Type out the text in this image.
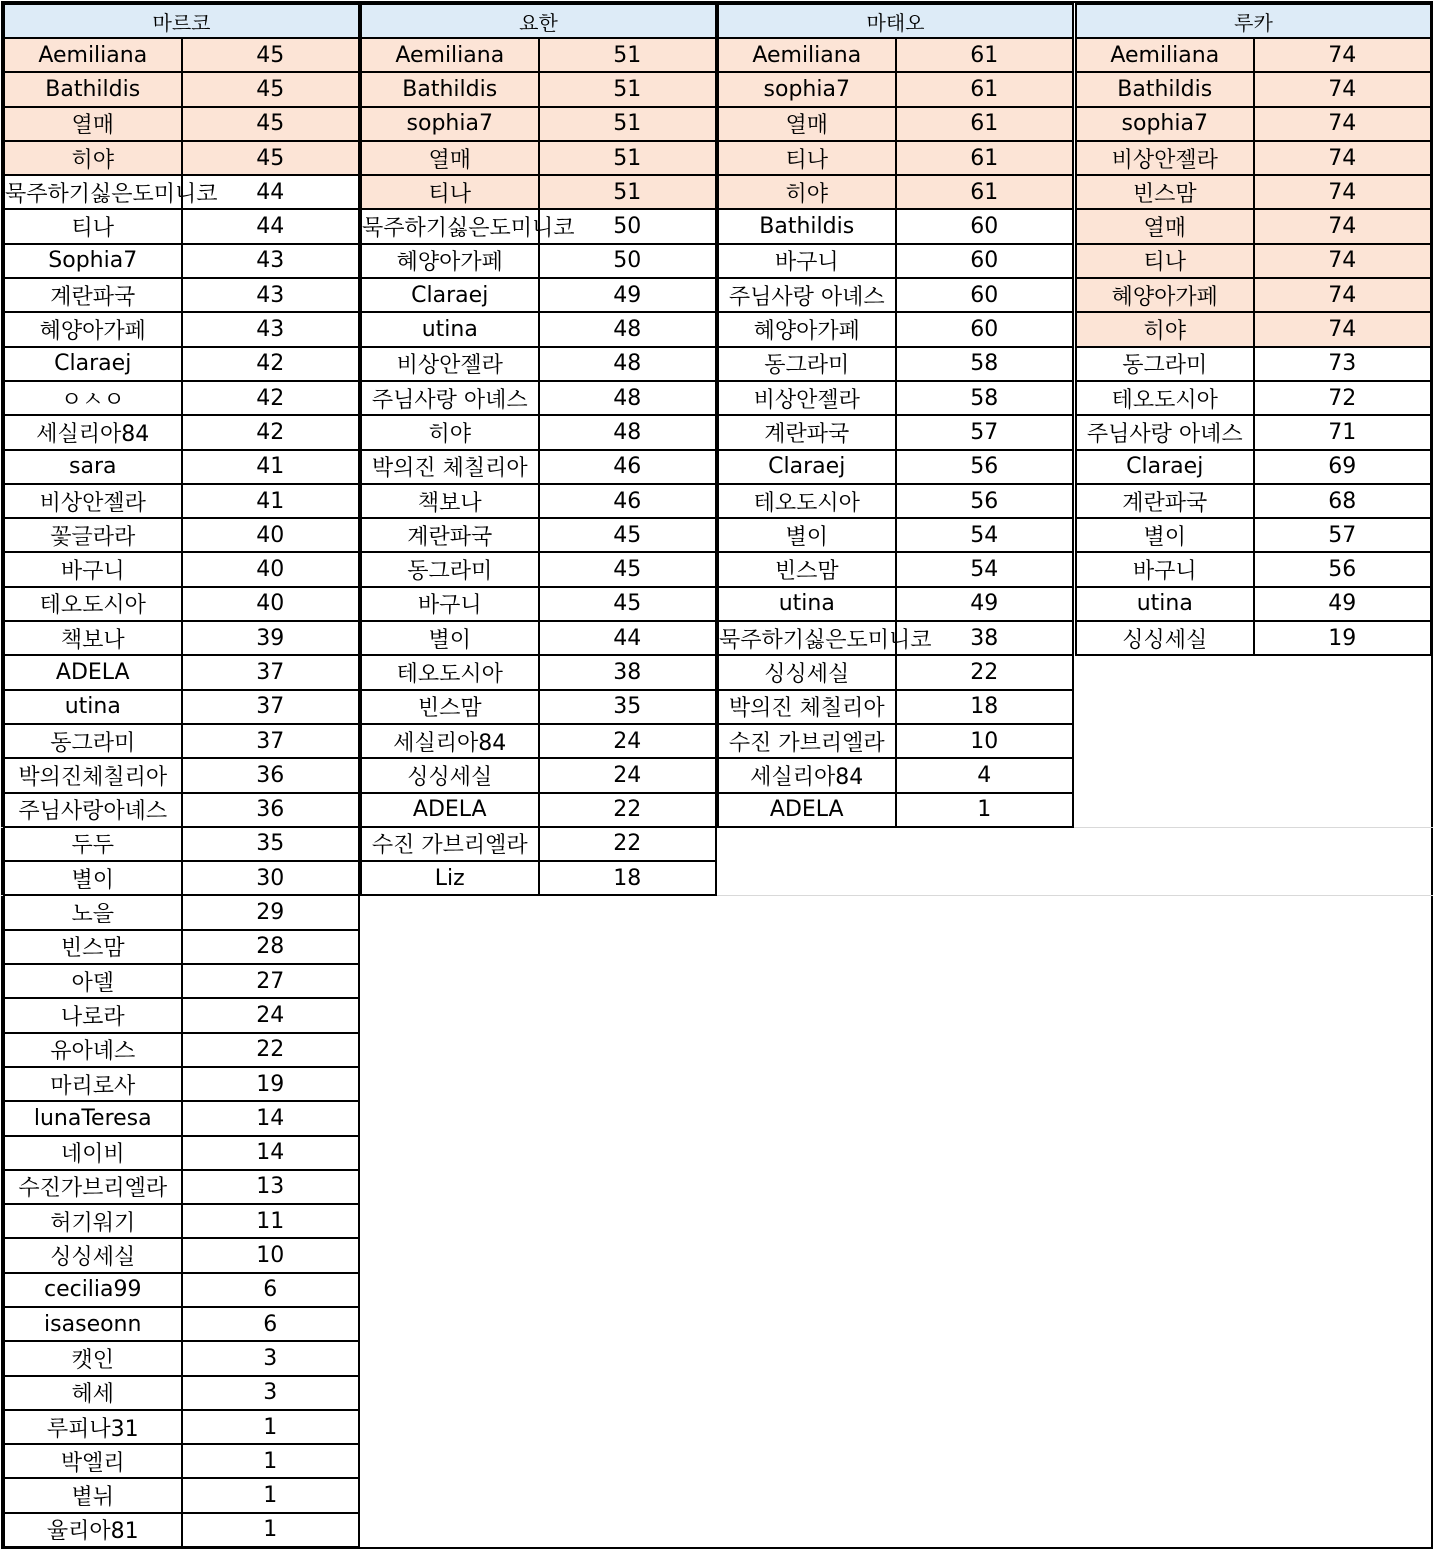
마르코	
Aemiliana	45
Bathildis	45
열매	45
히야	45
묵주하기싫은도미니코	44
티나	44
Sophia7	43
계란파국	43
혜양아가페	43
Claraej	42
ㅇㅅㅇ	42
세실리아84	42
sara	41
비상안젤라	41
꽃글라라	40
바구니	40
테오도시아	40
책보나	39
ADELA	37
utina	37
동그라미	37
박의진체칠리아	36
주님사랑아녜스	36
두두	35
별이	30
노을	29
빈스맘	28
아델	27
나로라	24
유아녜스	22
마리로사	19
lunaTeresa	14
네이비	14
수진가브리엘라	13
허기워기	11
싱싱세실	10
cecilia99	6
isaseonn	6
캣인	3
헤세	3
루피나31	1
박엘리	1
볕뉘	1
율리아81	1
요한	
Aemiliana	51
Bathildis	51
sophia7	51
열매	51
티나	51
묵주하기싫은도미니코	50
혜양아가페	50
Claraej	49
utina	48
비상안젤라	48
주님사랑 아녜스	48
히야	48
박의진 체칠리아	46
책보나	46
계란파국	45
동그라미	45
바구니	45
별이	44
테오도시아	38
빈스맘	35
세실리아84	24
싱싱세실	24
ADELA	22
수진 가브리엘라	22
Liz	18
마태오	
Aemiliana	61
sophia7	61
열매	61
티나	61
히야	61
Bathildis	60
바구니	60
주님사랑 아녜스	60
혜양아가페	60
동그라미	58
비상안젤라	58
계란파국	57
Claraej	56
테오도시아	56
별이	54
빈스맘	54
utina	49
묵주하기싫은도미니코	38
싱싱세실	22
박의진 체칠리아	18
수진 가브리엘라	10
세실리아84	4
ADELA	1
루카	
Aemiliana	74
Bathildis	74
sophia7	74
비상안젤라	74
빈스맘	74
열매	74
티나	74
혜양아가페	74
히야	74
동그라미	73
테오도시아	72
주님사랑 아녜스	71
Claraej	69
계란파국	68
별이	57
바구니	56
utina	49
싱싱세실	19
